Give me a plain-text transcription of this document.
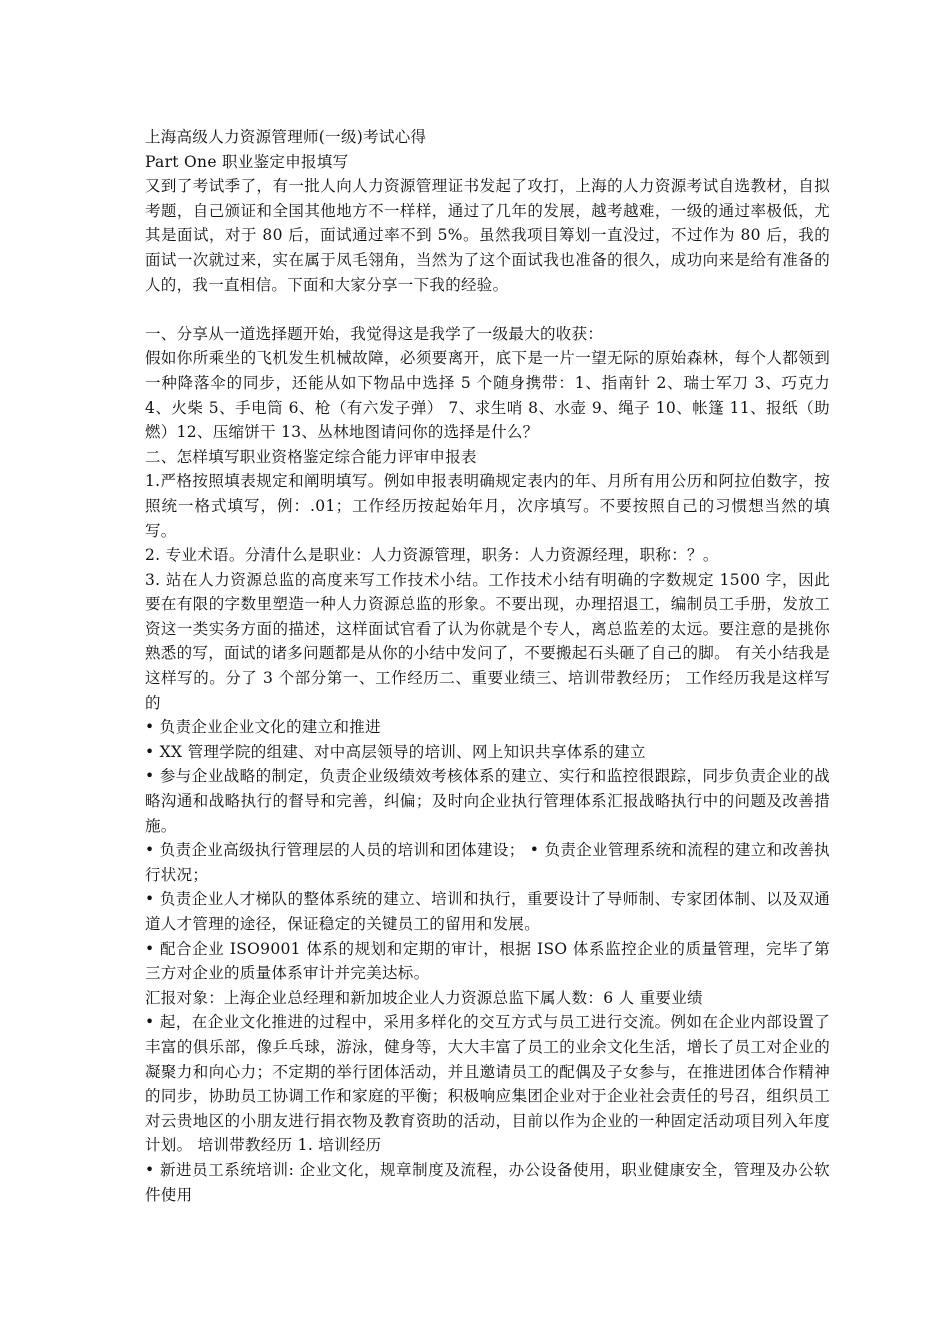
上海高级人力资源管理师(一级)考试心得

Part One 职业鉴定申报填写

又到了考试季了，有一批人向人力资源管理证书发起了攻打，上海的人力资源考试自选教材，自拟考题，自己颁证和全国其他地方不一样样，通过了几年的发展，越考越难，一级的通过率极低，尤其是面试，对于 80 后，面试通过率不到 5%。虽然我项目筹划一直没过，不过作为 80 后，我的面试一次就过来，实在属于凤毛翎角，当然为了这个面试我也准备的很久，成功向来是给有准备的人的，我一直相信。下面和大家分享一下我的经验。

一、分享从一道选择题开始，我觉得这是我学了一级最大的收获：

假如你所乘坐的飞机发生机械故障，必须要离开，底下是一片一望无际的原始森林，每个人都领到一种降落伞的同步，还能从如下物品中选择 5 个随身携带：1、指南针 2、瑞士军刀 3、巧克力 4、火柴 5、手电筒 6、枪（有六发子弹） 7、求生哨 8、水壶 9、绳子 10、帐篷 11、报纸（助燃）12、压缩饼干 13、丛林地图请问你的选择是什么？

二、怎样填写职业资格鉴定综合能力评审申报表

1.严格按照填表规定和阐明填写。例如申报表明确规定表内的年、月所有用公历和阿拉伯数字，按照统一格式填写，例：.01；工作经历按起始年月，次序填写。不要按照自己的习惯想当然的填写。

2. 专业术语。分清什么是职业：人力资源管理，职务：人力资源经理，职称：？。

3. 站在人力资源总监的高度来写工作技术小结。工作技术小结有明确的字数规定 1500 字，因此要在有限的字数里塑造一种人力资源总监的形象。不要出现，办理招退工，编制员工手册，发放工资这一类实务方面的描述，这样面试官看了认为你就是个专人，离总监差的太远。要注意的是挑你熟悉的写，面试的诸多问题都是从你的小结中发问了，不要搬起石头砸了自己的脚。 有关小结我是这样写的。分了 3 个部分第一、工作经历二、重要业绩三、培训带教经历； 工作经历我是这样写的

• 负责企业企业文化的建立和推进

• XX 管理学院的组建、对中高层领导的培训、网上知识共享体系的建立

• 参与企业战略的制定，负责企业级绩效考核体系的建立、实行和监控很跟踪，同步负责企业的战略沟通和战略执行的督导和完善，纠偏；及时向企业执行管理体系汇报战略执行中的问题及改善措施。

• 负责企业高级执行管理层的人员的培训和团体建设； • 负责企业管理系统和流程的建立和改善执行状况；

• 负责企业人才梯队的整体系统的建立、培训和执行，重要设计了导师制、专家团体制、以及双通道人才管理的途径，保证稳定的关键员工的留用和发展。

• 配合企业 ISO9001 体系的规划和定期的审计，根据 ISO 体系监控企业的质量管理，完毕了第三方对企业的质量体系审计并完美达标。

汇报对象：上海企业总经理和新加坡企业人力资源总监下属人数：6 人 重要业绩

• 起，在企业文化推进的过程中，采用多样化的交互方式与员工进行交流。例如在企业内部设置了丰富的俱乐部，像乒乓球，游泳，健身等，大大丰富了员工的业余文化生活，增长了员工对企业的凝聚力和向心力；不定期的举行团体活动，并且邀请员工的配偶及子女参与，在推进团体合作精神的同步，协助员工协调工作和家庭的平衡；积极响应集团企业对于企业社会责任的号召，组织员工对云贵地区的小朋友进行捐衣物及教育资助的活动，目前以作为企业的一种固定活动项目列入年度计划。 培训带教经历 1. 培训经历

• 新进员工系统培训: 企业文化，规章制度及流程，办公设备使用，职业健康安全，管理及办公软件使用
